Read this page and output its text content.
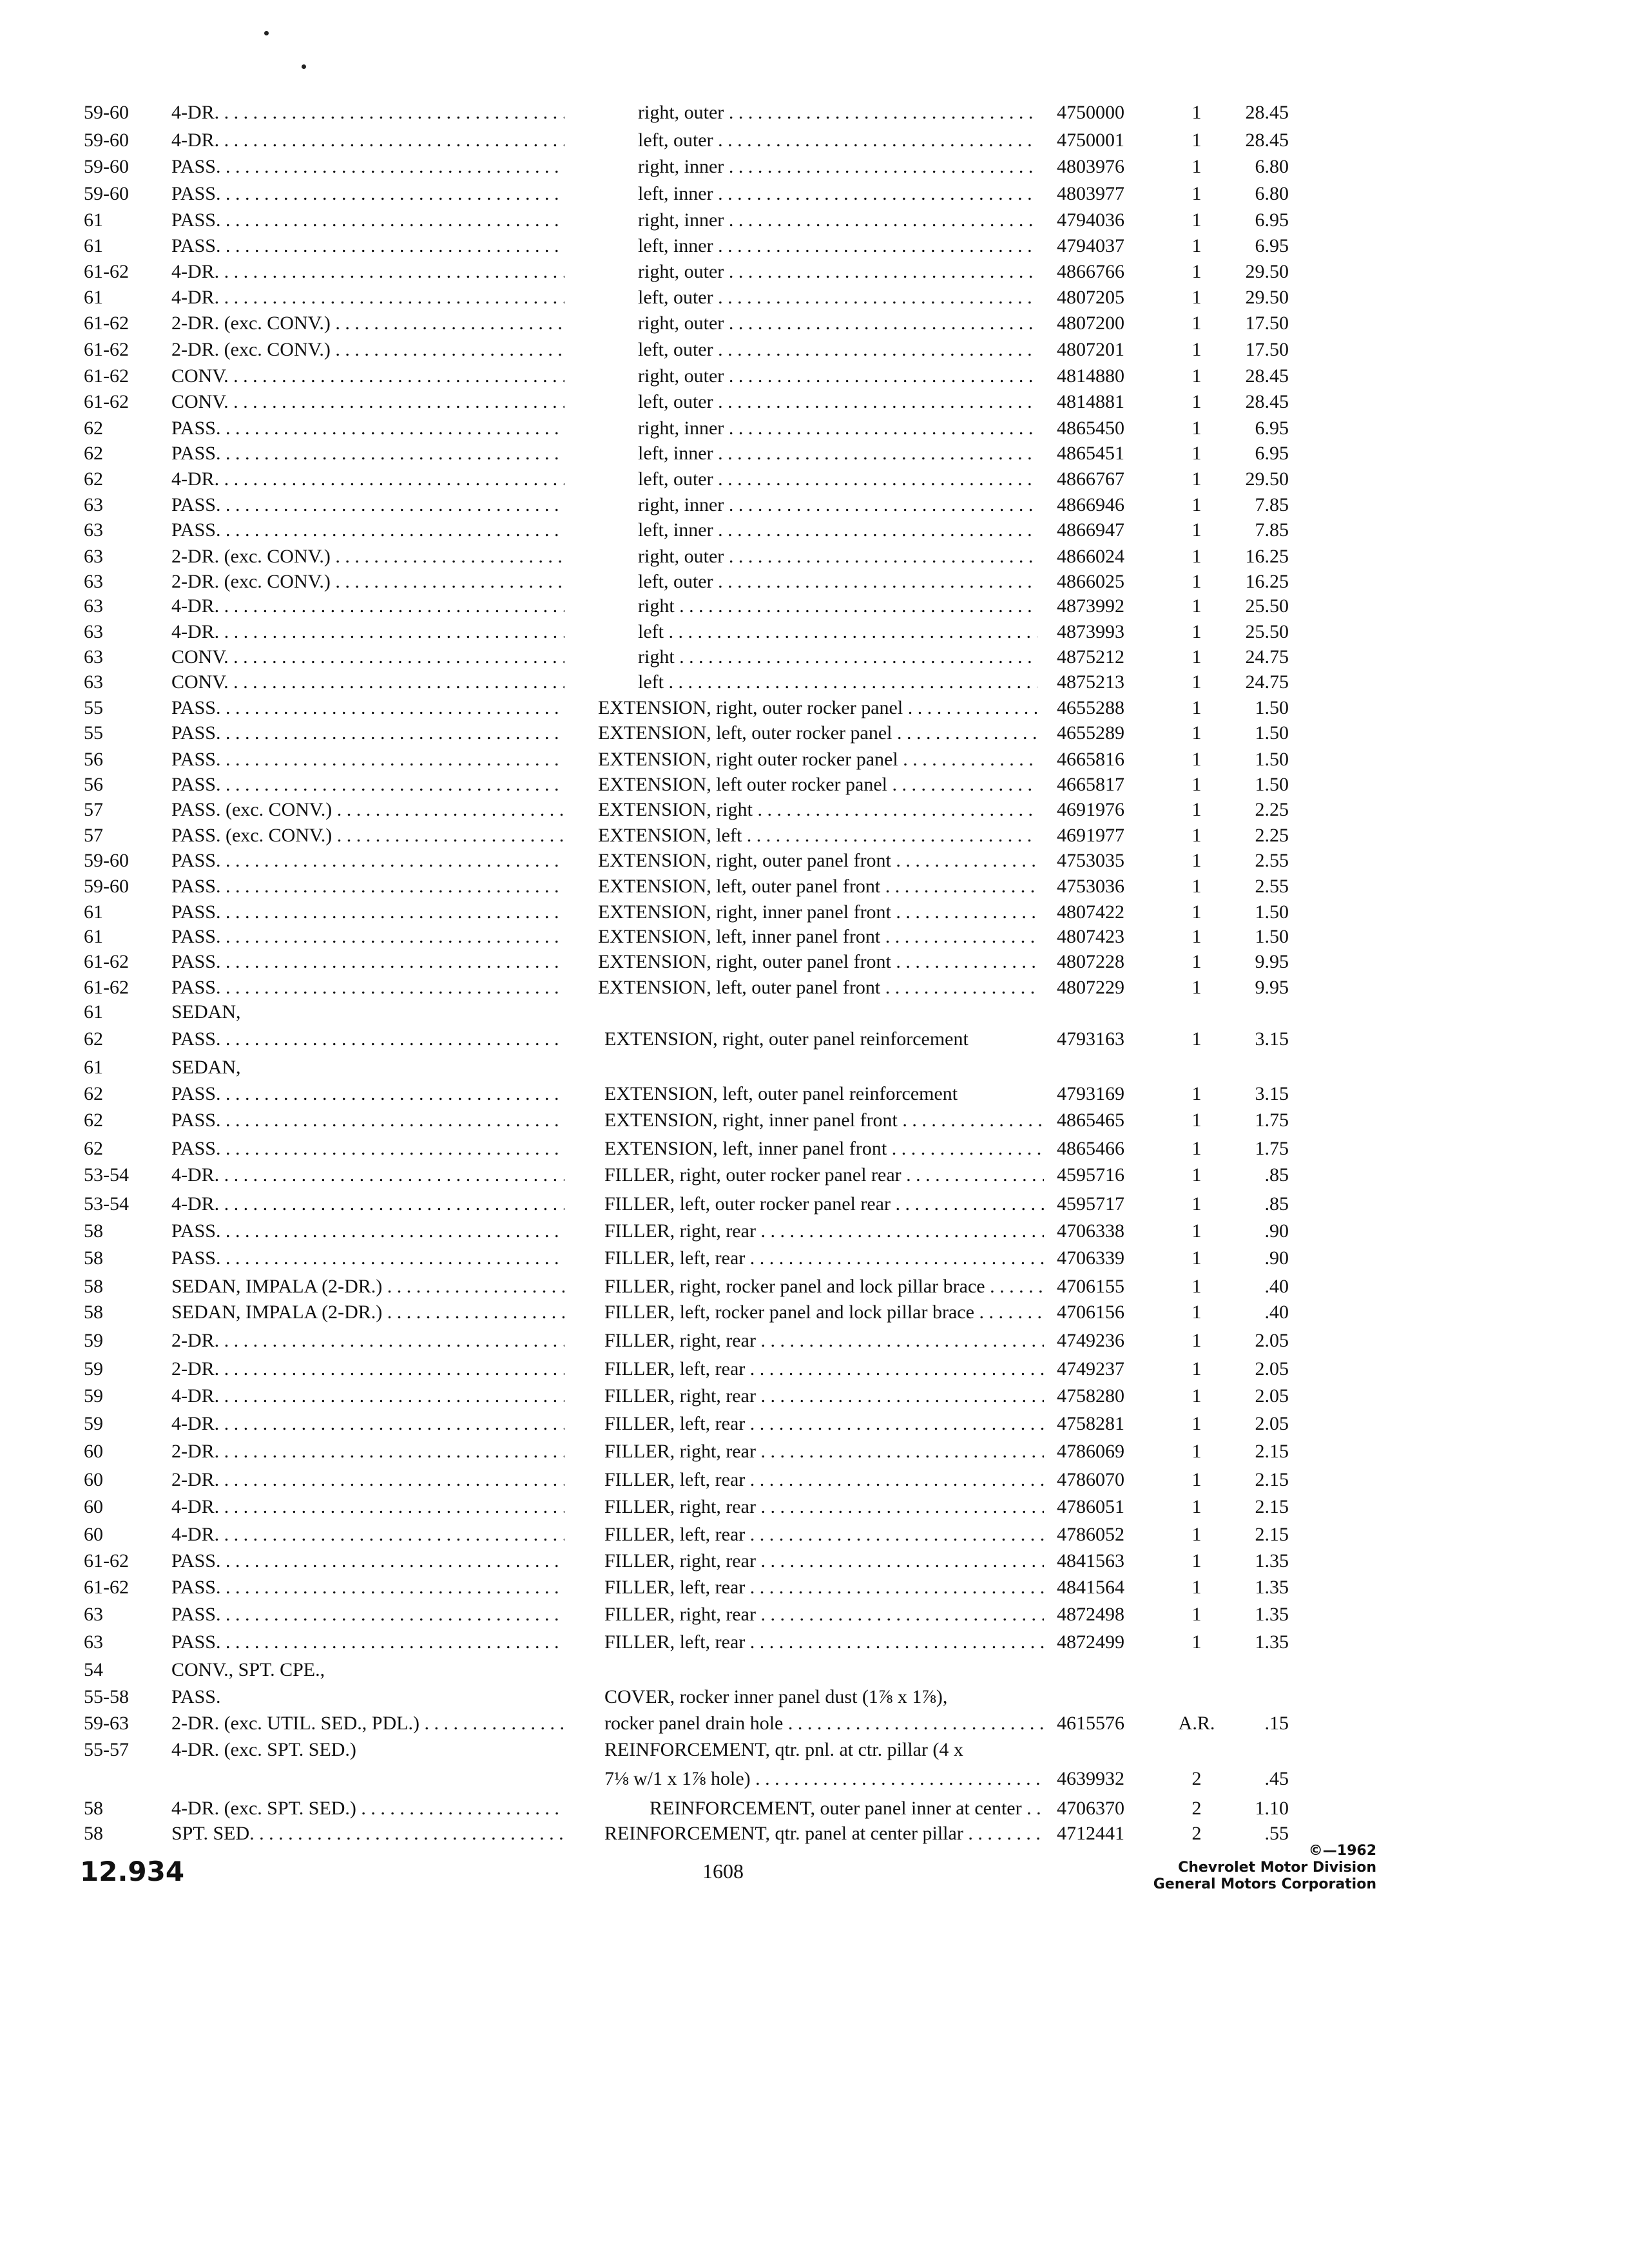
59-60	4-DR. . . .	right, outer . . .	4750000	1	28.45
59-60	4-DR. . . .	left, outer . . .	4750001	1	28.45
59-60	PASS. . . .	right, inner . . .	4803976	1	6.80
59-60	PASS. . . .	left, inner . . .	4803977	1	6.80
61	PASS. . . .	right, inner . . .	4794036	1	6.95
61	PASS. . . .	left, inner . . .	4794037	1	6.95
61-62	4-DR. . . .	right, outer . . .	4866766	1	29.50
61	4-DR. . . .	left, outer . . .	4807205	1	29.50
61-62	2-DR. (exc. CONV.) . . .	right, outer . . .	4807200	1	17.50
61-62	2-DR. (exc. CONV.) . . .	left, outer . . .	4807201	1	17.50
61-62	CONV. . . .	right, outer . . .	4814880	1	28.45
61-62	CONV. . . .	left, outer . . .	4814881	1	28.45
62	PASS. . . .	right, inner . . .	4865450	1	6.95
62	PASS. . . .	left, inner . . .	4865451	1	6.95
62	4-DR. . . .	left, outer . . .	4866767	1	29.50
63	PASS. . . .	right, inner . . .	4866946	1	7.85
63	PASS. . . .	left, inner . . .	4866947	1	7.85
63	2-DR. (exc. CONV.) . . .	right, outer . . .	4866024	1	16.25
63	2-DR. (exc. CONV.) . . .	left, outer . . .	4866025	1	16.25
63	4-DR. . . .	right . . .	4873992	1	25.50
63	4-DR. . . .	left . . .	4873993	1	25.50
63	CONV. . . .	right . . .	4875212	1	24.75
63	CONV. . . .	left . . .	4875213	1	24.75
55	PASS. . . .	EXTENSION, right, outer rocker panel . . .	4655288	1	1.50
55	PASS. . . .	EXTENSION, left, outer rocker panel . . .	4655289	1	1.50
56	PASS. . . .	EXTENSION, right outer rocker panel . . .	4665816	1	1.50
56	PASS. . . .	EXTENSION, left outer rocker panel . . .	4665817	1	1.50
57	PASS. (exc. CONV.) . . .	EXTENSION, right . . .	4691976	1	2.25
57	PASS. (exc. CONV.) . . .	EXTENSION, left . . .	4691977	1	2.25
59-60	PASS. . . .	EXTENSION, right, outer panel front . . .	4753035	1	2.55
59-60	PASS. . . .	EXTENSION, left, outer panel front . . .	4753036	1	2.55
61	PASS. . . .	EXTENSION, right, inner panel front . . .	4807422	1	1.50
61	PASS. . . .	EXTENSION, left, inner panel front . . .	4807423	1	1.50
61-62	PASS. . . .	EXTENSION, right, outer panel front . . .	4807228	1	9.95
61-62	PASS. . . .	EXTENSION, left, outer panel front . . .	4807229	1	9.95
61	SEDAN,
62	PASS. . . .	EXTENSION, right, outer panel reinforcement	4793163	1	3.15
61	SEDAN,
62	PASS. . . .	EXTENSION, left, outer panel reinforcement	4793169	1	3.15
62	PASS. . . .	EXTENSION, right, inner panel front . . .	4865465	1	1.75
62	PASS. . . .	EXTENSION, left, inner panel front . . .	4865466	1	1.75
53-54	4-DR. . . .	FILLER, right, outer rocker panel rear . . .	4595716	1	.85
53-54	4-DR. . . .	FILLER, left, outer rocker panel rear . . .	4595717	1	.85
58	PASS. . . .	FILLER, right, rear . . .	4706338	1	.90
58	PASS. . . .	FILLER, left, rear . . .	4706339	1	.90
58	SEDAN, IMPALA (2-DR.) . . .	FILLER, right, rocker panel and lock pillar brace . . .	4706155	1	.40
58	SEDAN, IMPALA (2-DR.) . . .	FILLER, left, rocker panel and lock pillar brace . . .	4706156	1	.40
59	2-DR. . . .	FILLER, right, rear . . .	4749236	1	2.05
59	2-DR. . . .	FILLER, left, rear . . .	4749237	1	2.05
59	4-DR. . . .	FILLER, right, rear . . .	4758280	1	2.05
59	4-DR. . . .	FILLER, left, rear . . .	4758281	1	2.05
60	2-DR. . . .	FILLER, right, rear . . .	4786069	1	2.15
60	2-DR. . . .	FILLER, left, rear . . .	4786070	1	2.15
60	4-DR. . . .	FILLER, right, rear . . .	4786051	1	2.15
60	4-DR. . . .	FILLER, left, rear . . .	4786052	1	2.15
61-62	PASS. . . .	FILLER, right, rear . . .	4841563	1	1.35
61-62	PASS. . . .	FILLER, left, rear . . .	4841564	1	1.35
63	PASS. . . .	FILLER, right, rear . . .	4872498	1	1.35
63	PASS. . . .	FILLER, left, rear . . .	4872499	1	1.35
54	CONV., SPT. CPE.,
55-58	PASS.	COVER, rocker inner panel dust (1⅞ x 1⅞),
59-63	2-DR. (exc. UTIL. SED., PDL.) . . .	rocker panel drain hole . . .	4615576	A.R.	.15
55-57	4-DR. (exc. SPT. SED.)	REINFORCEMENT, qtr. pnl. at ctr. pillar (4 x
7⅛ w/1 x 1⅞ hole) . . .	4639932	2	.45
58	4-DR. (exc. SPT. SED.) . . .	REINFORCEMENT, outer panel inner at center . . .	4706370	2	1.10
58	SPT. SED. . . .	REINFORCEMENT, qtr. panel at center pillar . . .	4712441	2	.55
12.934	1608
©—1962
Chevrolet Motor Division
General Motors Corporation
